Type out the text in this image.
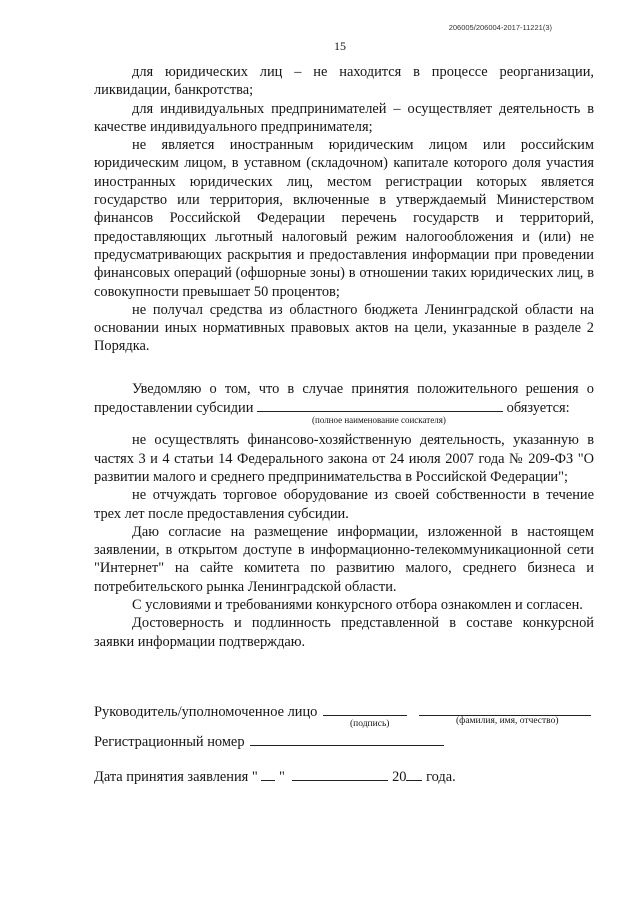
206005/206004-2017-11221(3)
15

для юридических лиц – не находится в процессе реорганизации, ликвидации, банкротства;

для индивидуальных предпринимателей – осуществляет деятельность в качестве индивидуального предпринимателя;

не является иностранным юридическим лицом или российским юридическим лицом, в уставном (складочном) капитале которого доля участия иностранных юридических лиц, местом регистрации которых является государство или территория, включенные в утверждаемый Министерством финансов Российской Федерации перечень государств и территорий, предоставляющих льготный налоговый режим налогообложения и (или) не предусматривающих раскрытия и предоставления информации при проведении финансовых операций (офшорные зоны) в отношении таких юридических лиц, в совокупности превышает 50 процентов;

не получал средства из областного бюджета Ленинградской области на основании иных нормативных правовых актов на цели, указанные в разделе 2 Порядка.

Уведомляю о том, что в случае принятия положительного решения о предоставлении субсидии	обязуется:

(полное наименование соискателя)

не осуществлять финансово-хозяйственную деятельность, указанную в частях 3 и 4 статьи 14 Федерального закона от 24 июля 2007 года № 209-ФЗ "О развитии малого и среднего предпринимательства в Российской Федерации";

не отчуждать торговое оборудование из своей собственности в течение трех лет после предоставления субсидии.

Даю согласие на размещение информации, изложенной в настоящем заявлении, в открытом доступе в информационно-телекоммуникационной сети "Интернет" на сайте комитета по развитию малого, среднего бизнеса и потребительского рынка Ленинградской области.

С условиями и требованиями конкурсного отбора ознакомлен и согласен.

Достоверность и подлинность представленной в составе конкурсной заявки информации подтверждаю.

Руководитель/уполномоченное лицо
(подпись)	(фамилия, имя, отчество)
Регистрационный номер
Дата принятия заявления " "	20 года.
